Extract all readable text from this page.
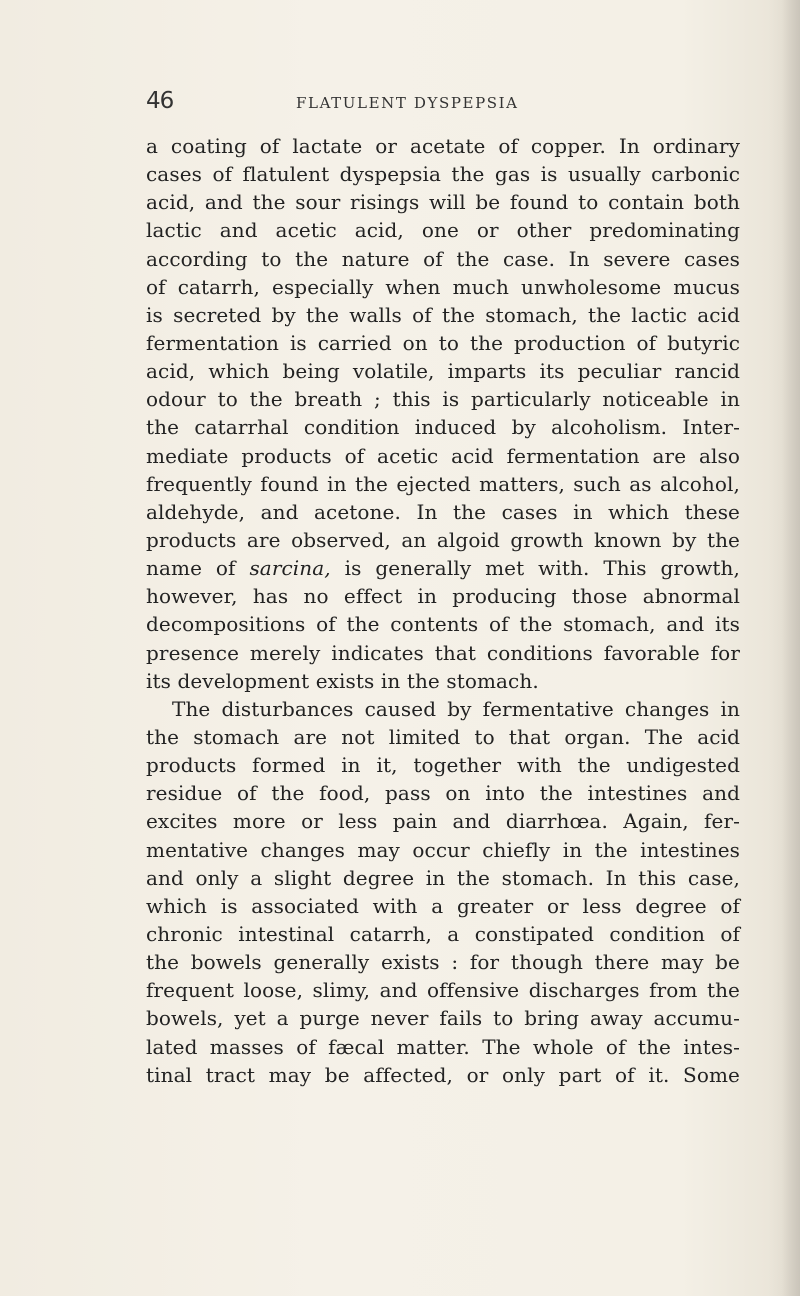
46	FLATULENT DYSPEPSIA
a coating of lactate or acetate of copper. In ordinary
cases of flatulent dyspepsia the gas is usually carbonic
acid, and the sour risings will be found to contain both
lactic and acetic acid, one or other predominating
according to the nature of the case. In severe cases
of catarrh, especially when much unwholesome mucus
is secreted by the walls of the stomach, the lactic acid
fermentation is carried on to the production of butyric
acid, which being volatile, imparts its peculiar rancid
odour to the breath ; this is particularly noticeable in
the catarrhal condition induced by alcoholism. Inter-
mediate products of acetic acid fermentation are also
frequently found in the ejected matters, such as alcohol,
aldehyde, and acetone. In the cases in which these
products are observed, an algoid growth known by the
name of sarcina, is generally met with. This growth,
however, has no effect in producing those abnormal
decompositions of the contents of the stomach, and its
presence merely indicates that conditions favorable for
its development exists in the stomach.
The disturbances caused by fermentative changes in
the stomach are not limited to that organ. The acid
products formed in it, together with the undigested
residue of the food, pass on into the intestines and
excites more or less pain and diarrhœa. Again, fer-
mentative changes may occur chiefly in the intestines
and only a slight degree in the stomach. In this case,
which is associated with a greater or less degree of
chronic intestinal catarrh, a constipated condition of
the bowels generally exists : for though there may be
frequent loose, slimy, and offensive discharges from the
bowels, yet a purge never fails to bring away accumu-
lated masses of fæcal matter. The whole of the intes-
tinal tract may be affected, or only part of it. Some
